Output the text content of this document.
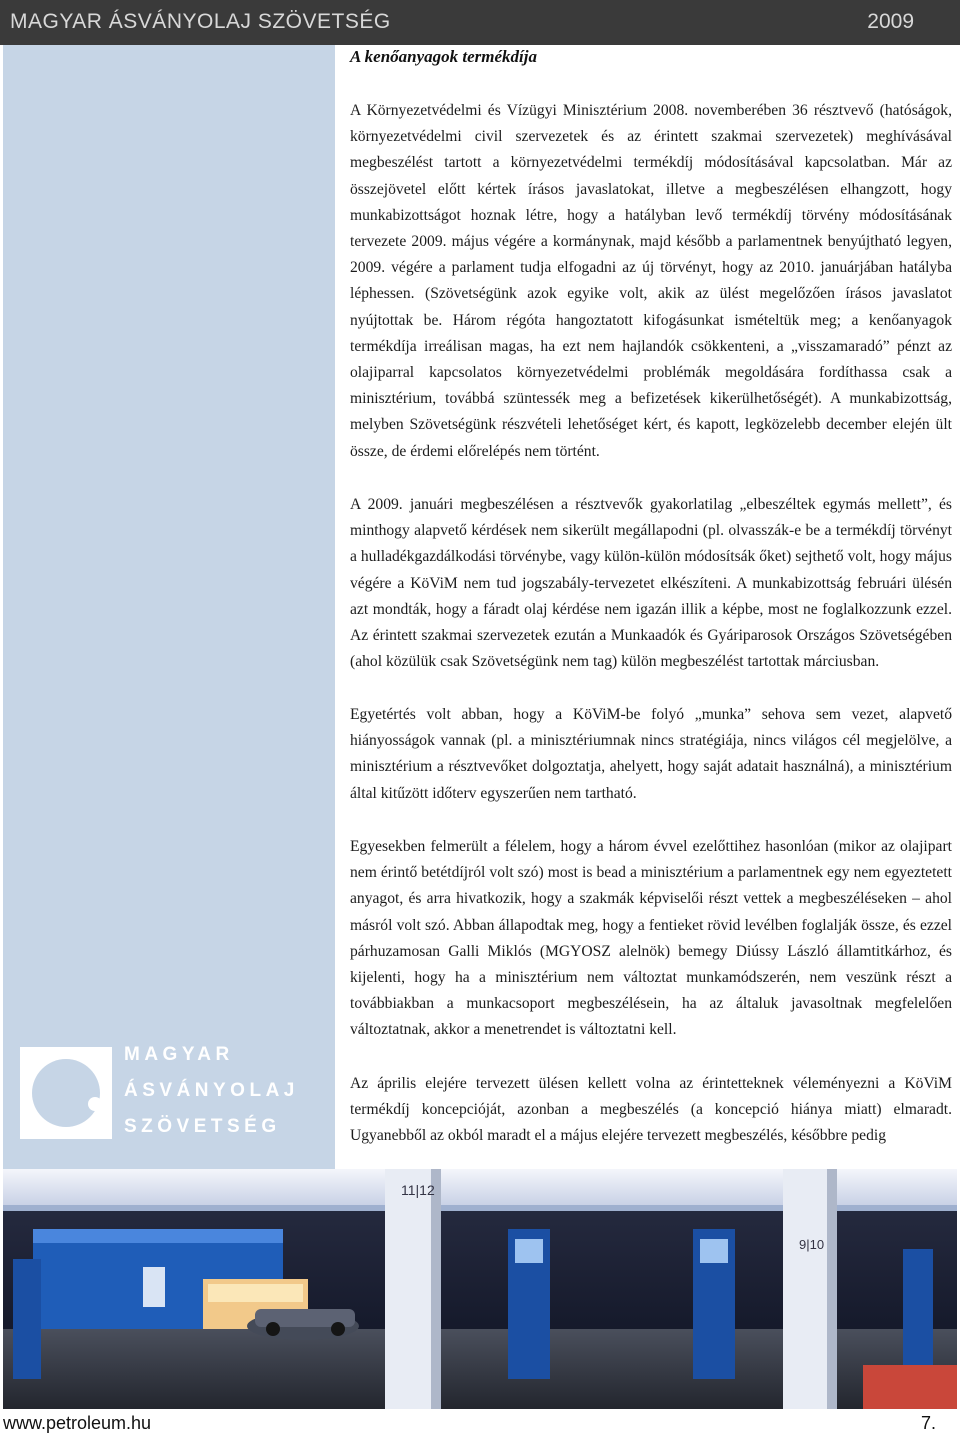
MAGYAR ÁSVÁNYOLAJ SZÖVETSÉG	2009
MAGYAR
ÁSVÁNYOLAJ
SZÖVETSÉG
A kenőanyagok termékdíja

A Környezetvédelmi és Vízügyi Minisztérium 2008. novemberében 36 résztvevő (hatóságok, környezetvédelmi civil szervezetek és az érintett szakmai szervezetek) meghívásával megbeszélést tartott a környezetvédelmi termékdíj módosításával kapcsolatban. Már az összejövetel előtt kértek írásos javaslatokat, illetve a megbeszélésen elhangzott, hogy munkabizottságot hoznak létre, hogy a hatályban levő termékdíj törvény módosításának tervezete 2009. május végére a kormánynak, majd később a parlamentnek benyújtható legyen, 2009. végére a parlament tudja elfogadni az új törvényt, hogy az 2010. januárjában hatályba léphessen. (Szövetségünk azok egyike volt, akik az ülést megelőzően írásos javaslatot nyújtottak be. Három régóta hangoztatott kifogásunkat ismételtük meg; a kenőanyagok termékdíja irreálisan magas, ha ezt nem hajlandók csökkenteni, a „visszamaradó” pénzt az olajiparral kapcsolatos környezetvédelmi problémák megoldására fordíthassa csak a minisztérium, továbbá szüntessék meg a befizetések kikerülhetőségét). A munkabizottság, melyben Szövetségünk részvételi lehetőséget kért, és kapott, legközelebb december elején ült össze, de érdemi előrelépés nem történt.

A 2009. januári megbeszélésen a résztvevők gyakorlatilag „elbeszéltek egymás mellett”, és minthogy alapvető kérdések nem sikerült megállapodni (pl. olvasszák-e be a termékdíj törvényt a hulladékgazdálkodási törvénybe, vagy külön-külön módosítsák őket) sejthető volt, hogy május végére a KöViM nem tud jogszabály-tervezetet elkészíteni. A munkabizottság februári ülésén azt mondták, hogy a fáradt olaj kérdése nem igazán illik a képbe, most ne foglalkozzunk ezzel. Az érintett szakmai szervezetek ezután a Munkaadók és Gyáriparosok Országos Szövetségében (ahol közülük csak Szövetségünk nem tag) külön megbeszélést tartottak márciusban.

Egyetértés volt abban, hogy a KöViM-be folyó „munka” sehova sem vezet, alapvető hiányosságok vannak (pl. a minisztériumnak nincs stratégiája, nincs világos cél megjelölve, a minisztérium a résztvevőket dolgoztatja, ahelyett, hogy saját adatait használná), a minisztérium által kitűzött időterv egyszerűen nem tartható.

Egyesekben felmerült a félelem, hogy a három évvel ezelőttihez hasonlóan (mikor az olajipart nem érintő betétdíjról volt szó) most is bead a minisztérium a parlamentnek egy nem egyeztetett anyagot, és arra hivatkozik, hogy a szakmák képviselői részt vettek a megbeszéléseken – ahol másról volt szó. Abban állapodtak meg, hogy a fentieket rövid levélben foglalják össze, és ezzel párhuzamosan Galli Miklós (MGYOSZ alelnök) bemegy Diússy László államtitkárhoz, és kijelenti, hogy ha a minisztérium nem változtat munkamódszerén, nem veszünk részt a továbbiakban a munkacsoport megbeszélésein, ha az általuk javasoltnak megfelelően változtatnak, akkor a menetrendet is változtatni kell.

Az április elejére tervezett ülésen kellett volna az érintetteknek véleményezni a KöViM termékdíj koncepcióját, azonban a megbeszélés (a koncepció hiánya miatt) elmaradt. Ugyanebből az okból maradt el a május elejére tervezett megbeszélés, későbbre pedig

11|12
9|10
www.petroleum.hu	7.
